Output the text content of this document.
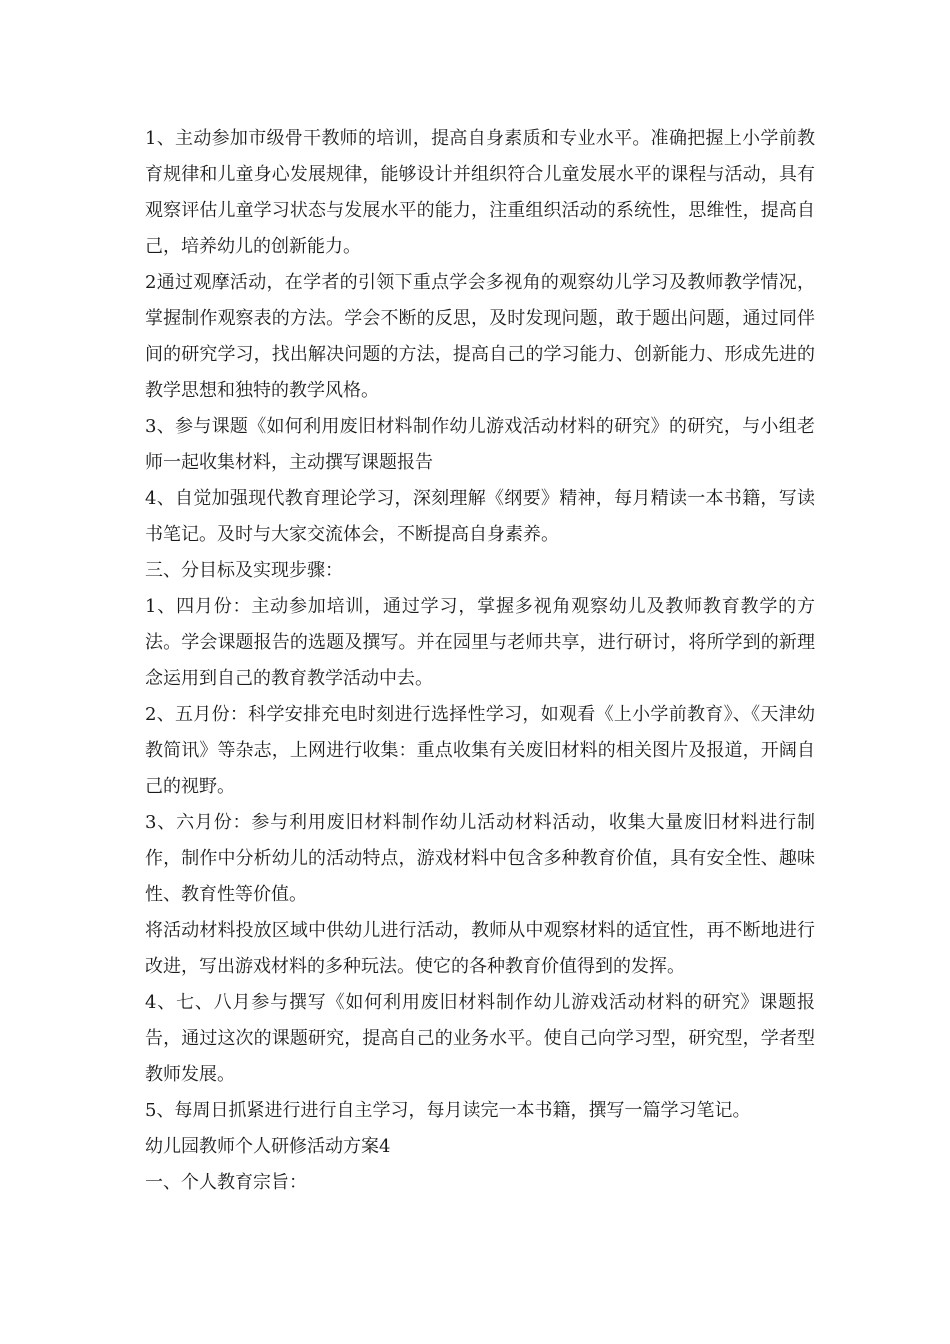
1、主动参加市级骨干教师的培训，提高自身素质和专业水平。准确把握上小学前教育规律和儿童身心发展规律，能够设计并组织符合儿童发展水平的课程与活动，具有观察评估儿童学习状态与发展水平的能力，注重组织活动的系统性，思维性，提高自己，培养幼儿的创新能力。

2通过观摩活动，在学者的引领下重点学会多视角的观察幼儿学习及教师教学情况，掌握制作观察表的方法。学会不断的反思，及时发现问题，敢于题出问题，通过同伴间的研究学习，找出解决问题的方法，提高自己的学习能力、创新能力、形成先进的教学思想和独特的教学风格。

3、参与课题《如何利用废旧材料制作幼儿游戏活动材料的研究》的研究，与小组老师一起收集材料，主动撰写课题报告

4、自觉加强现代教育理论学习，深刻理解《纲要》精神，每月精读一本书籍，写读书笔记。及时与大家交流体会，不断提高自身素养。

三、分目标及实现步骤：

1、四月份：主动参加培训，通过学习，掌握多视角观察幼儿及教师教育教学的方法。学会课题报告的选题及撰写。并在园里与老师共享，进行研讨，将所学到的新理念运用到自己的教育教学活动中去。

2、五月份：科学安排充电时刻进行选择性学习，如观看《上小学前教育》、《天津幼教简讯》等杂志，上网进行收集：重点收集有关废旧材料的相关图片及报道，开阔自己的视野。

3、六月份：参与利用废旧材料制作幼儿活动材料活动，收集大量废旧材料进行制作，制作中分析幼儿的活动特点，游戏材料中包含多种教育价值，具有安全性、趣味性、教育性等价值。

将活动材料投放区域中供幼儿进行活动，教师从中观察材料的适宜性，再不断地进行改进，写出游戏材料的多种玩法。使它的各种教育价值得到的发挥。

4、七、八月参与撰写《如何利用废旧材料制作幼儿游戏活动材料的研究》课题报告，通过这次的课题研究，提高自己的业务水平。使自己向学习型，研究型，学者型教师发展。

5、每周日抓紧进行进行自主学习，每月读完一本书籍，撰写一篇学习笔记。

幼儿园教师个人研修活动方案4

一、个人教育宗旨：
